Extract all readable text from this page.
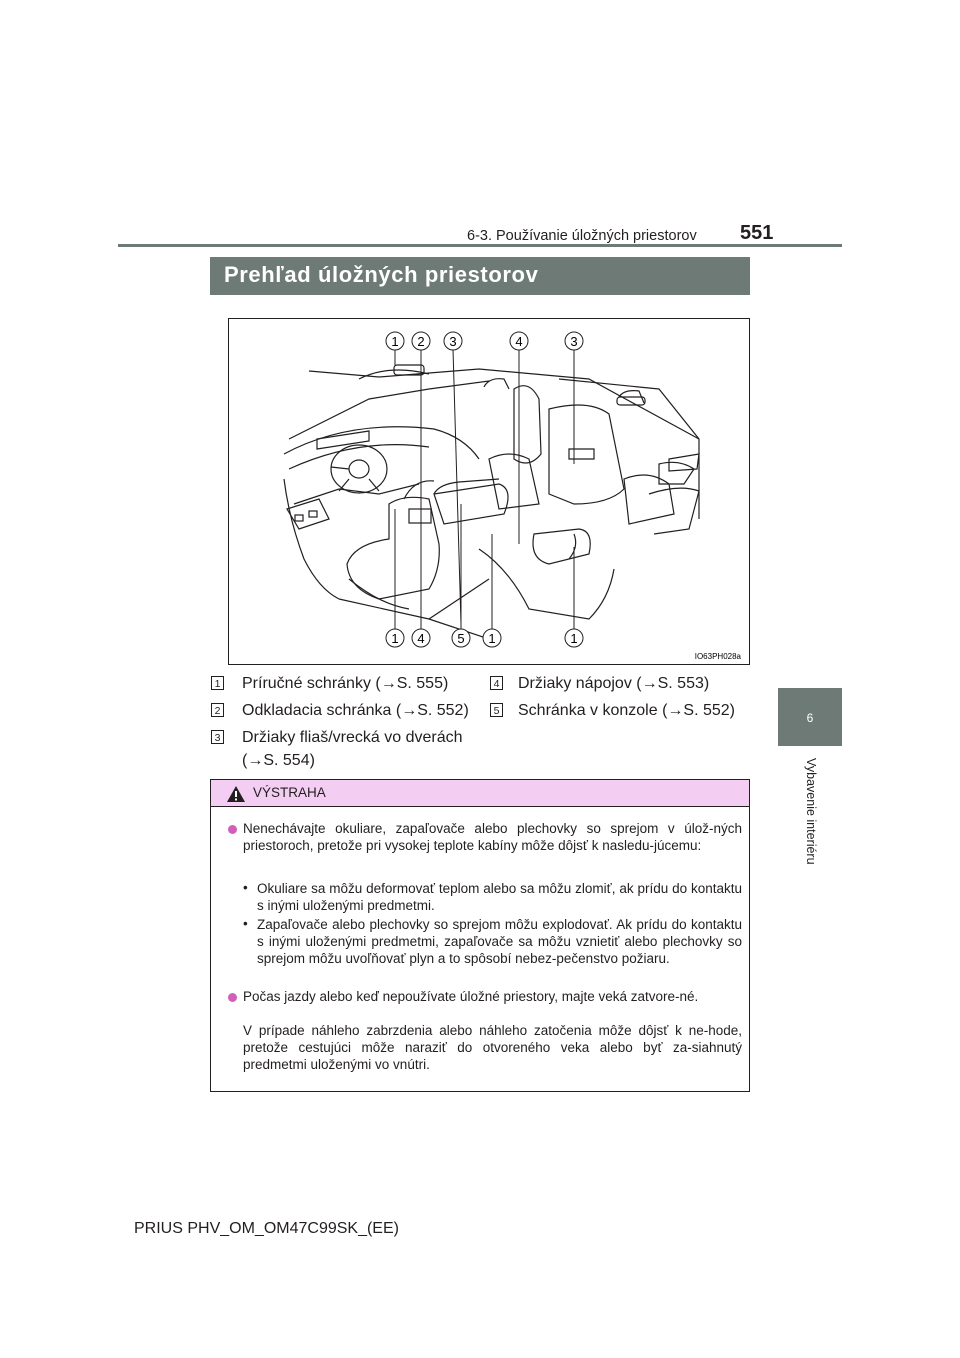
6-3. Používanie úložných priestorov 551
6
Vybavenie interiéru
Prehľad úložných priestorov
1 2 3	4	3
1 4	5 1	1
IO63PH028a
1 Príručné schránky (→S. 555)
2 Odkladacia schránka (→S. 552)
3 Držiaky fliaš/vrecká vo dverách
(→S. 554)
4 Držiaky nápojov (→S. 553)
5 Schránka v konzole (→S. 552)
VÝSTRAHA
Nenechávajte okuliare, zapaľovače alebo plechovky so sprejom v úlož-ných priestoroch, pretože pri vysokej teplote kabíny môže dôjsť k nasledu-júcemu:
• Okuliare sa môžu deformovať teplom alebo sa môžu zlomiť, ak prídu do kontaktu s inými uloženými predmetmi.
• Zapaľovače alebo plechovky so sprejom môžu explodovať. Ak prídu do kontaktu s inými uloženými predmetmi, zapaľovače sa môžu vznietiť alebo plechovky so sprejom môžu uvoľňovať plyn a to spôsobí nebez-pečenstvo požiaru.
Počas jazdy alebo keď nepoužívate úložné priestory, majte veká zatvore-né.
V prípade náhleho zabrzdenia alebo náhleho zatočenia môže dôjsť k ne-hode, pretože cestujúci môže naraziť do otvoreného veka alebo byť za-siahnutý predmetmi uloženými vo vnútri.
PRIUS PHV_OM_OM47C99SK_(EE)
